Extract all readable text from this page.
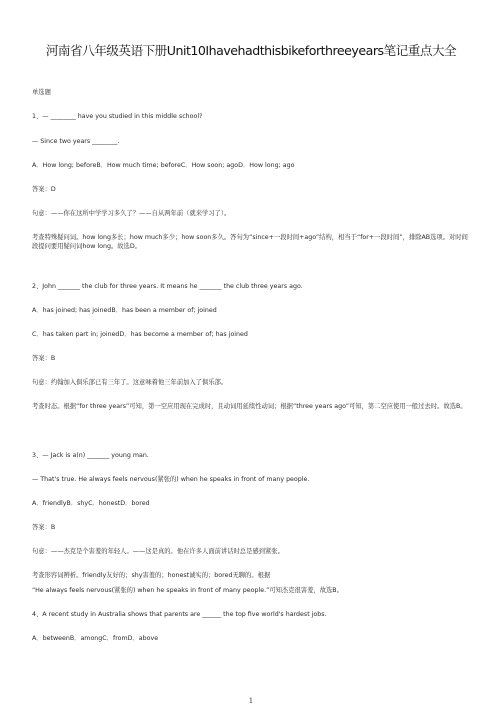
河南省八年级英语下册Unit10Ihavehadthisbikeforthreeyears笔记重点大全
单选题
1、— ________ have you studied in this middle school?
— Since two years ________.
A．How long; beforeB．How much time; beforeC．How soon; agoD．How long; ago
答案：D
句意：——你在这所中学学习多久了？——自从两年前（就来学习了）。
考查特殊疑问词。how long多长；how much多少；how soon多久。答句为“since+一段时间+ago”结构，相当于“for+一段时间”，排除AB选项。对时间段提问要用疑问词how long。故选D。
2、John _______ the club for three years. It means he _______ the club three years ago.
A．has joined; has joinedB．has been a member of; joined
C．has taken part in; joinedD．has become a member of; has joined
答案：B
句意：约翰加入俱乐部已有三年了。这意味着他三年前加入了俱乐部。
考查时态。根据“for three years”可知，第一空应用现在完成时，且动词用延续性动词；根据“three years ago”可知，第二空应使用一般过去时。故选B。
3、— Jack is a(n) _______ young man.
— That's true. He always feels nervous(紧张的) when he speaks in front of many people.
A．friendlyB．shyC．honestD．bored
答案：B
句意：——杰克是个害羞的年轻人。——这是真的。他在许多人面前讲话时总是感到紧张。
考查形容词辨析。friendly友好的；shy害羞的；honest诚实的；bored无聊的。根据
“He always feels nervous(紧张的) when he speaks in front of many people.”可知杰克很害羞，故选B。
4、A recent study in Australia shows that parents are ______ the top five world's hardest jobs.
A．betweenB．amongC．fromD．above
1
